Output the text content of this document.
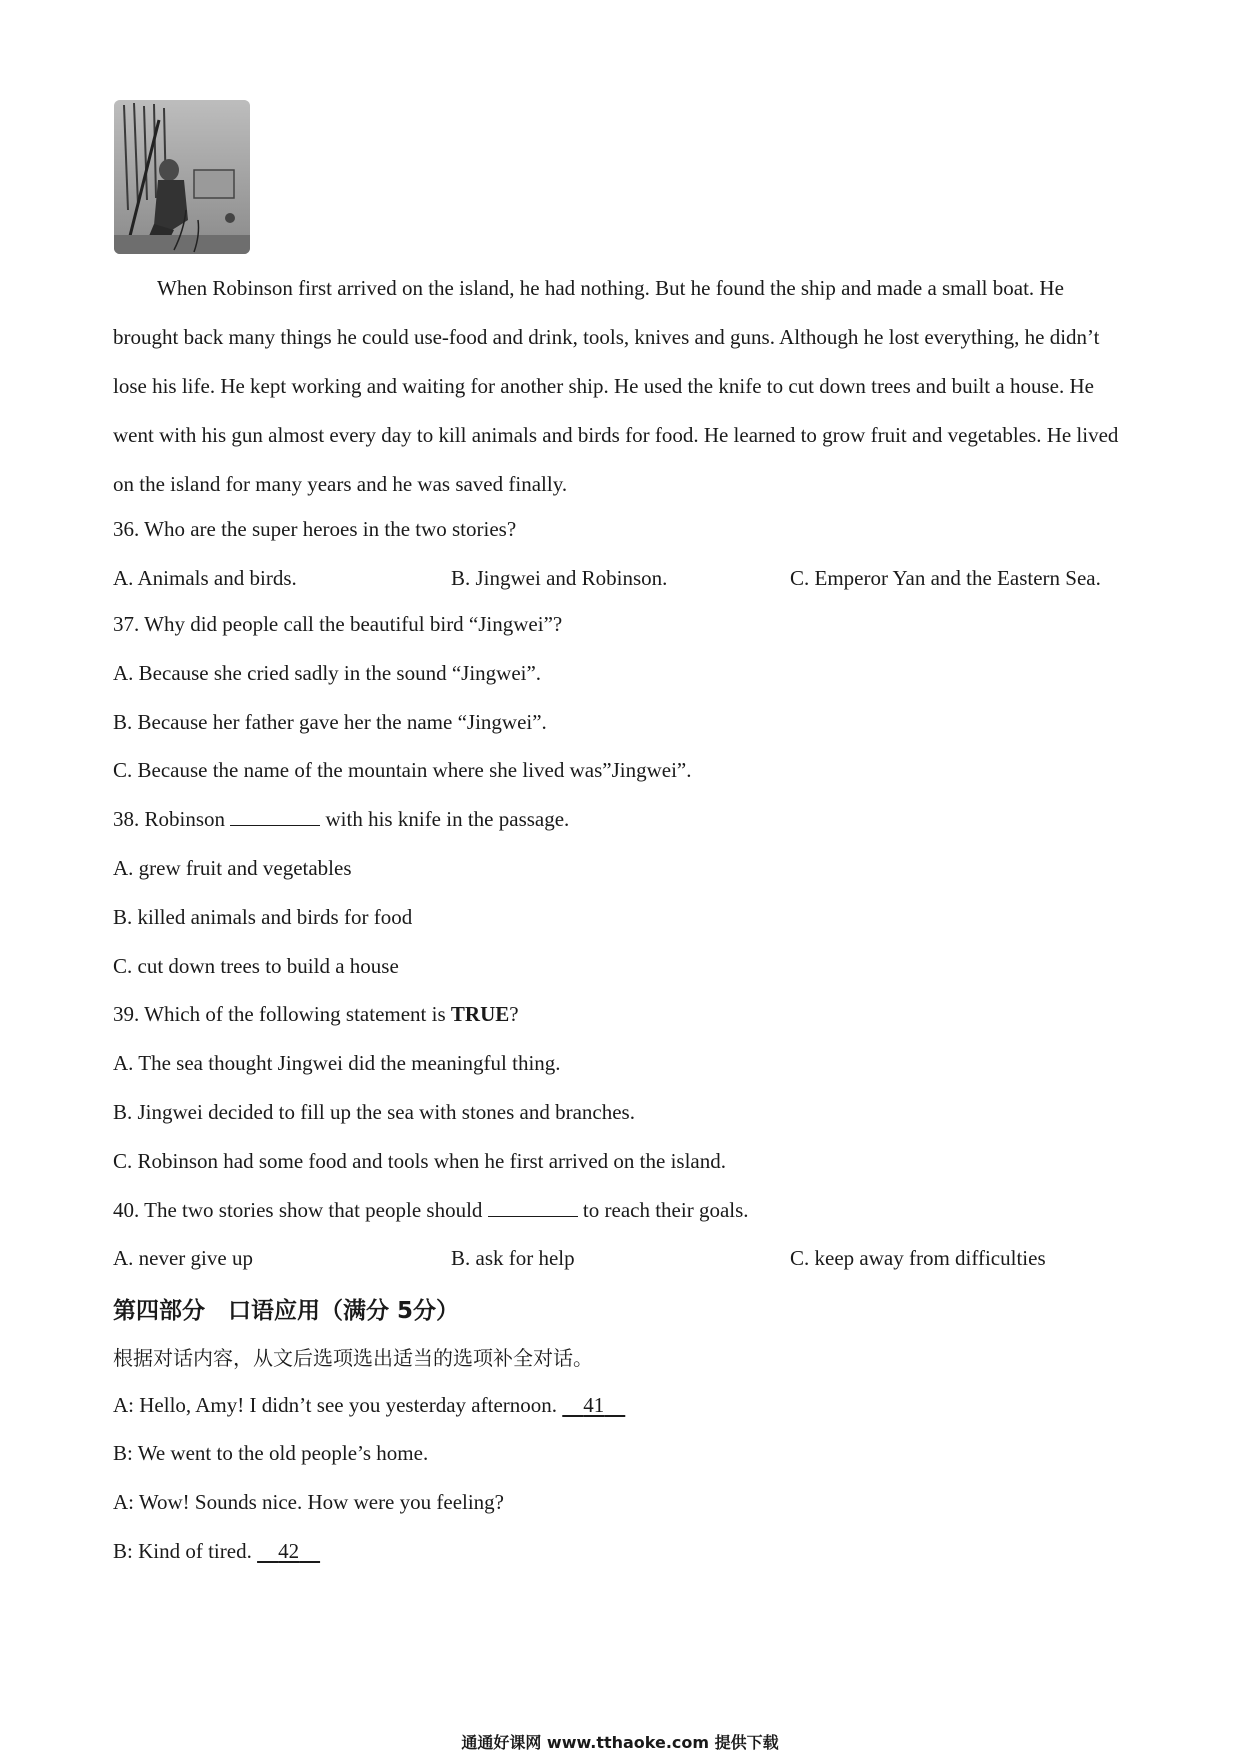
When Robinson first arrived on the island, he had nothing. But he found the ship and made a small boat. He brought back many things he could use-food and drink, tools, knives and guns. Although he lost everything, he didn’t lose his life. He kept working and waiting for another ship. He used the knife to cut down trees and built a house. He went with his gun almost every day to kill animals and birds for food. He learned to grow fruit and vegetables. He lived on the island for many years and he was saved finally.

36. Who are the super heroes in the two stories?
A. Animals and birds.	B. Jingwei and Robinson.	C. Emperor Yan and the Eastern Sea.
37. Why did people call the beautiful bird “Jingwei”?
A. Because she cried sadly in the sound “Jingwei”.
B. Because her father gave her the name “Jingwei”.
C. Because the name of the mountain where she lived was”Jingwei”.
38. Robinson	with his knife in the passage.
A. grew fruit and vegetables
B. killed animals and birds for food
C. cut down trees to build a house
39. Which of the following statement is TRUE?
A. The sea thought Jingwei did the meaningful thing.
B. Jingwei decided to fill up the sea with stones and branches.
C. Robinson had some food and tools when he first arrived on the island.
40. The two stories show that people should	to reach their goals.
A. never give up	B. ask for help	C. keep away from difficulties
第四部分　口语应用（满分 5分）
根据对话内容，从文后选项选出适当的选项补全对话。
A: Hello, Amy! I didn’t see you yesterday afternoon.     41
B: We went to the old people’s home.
A: Wow! Sounds nice. How were you feeling?
B: Kind of tired.     42
通通好课网 www.tthaoke.com 提供下载
